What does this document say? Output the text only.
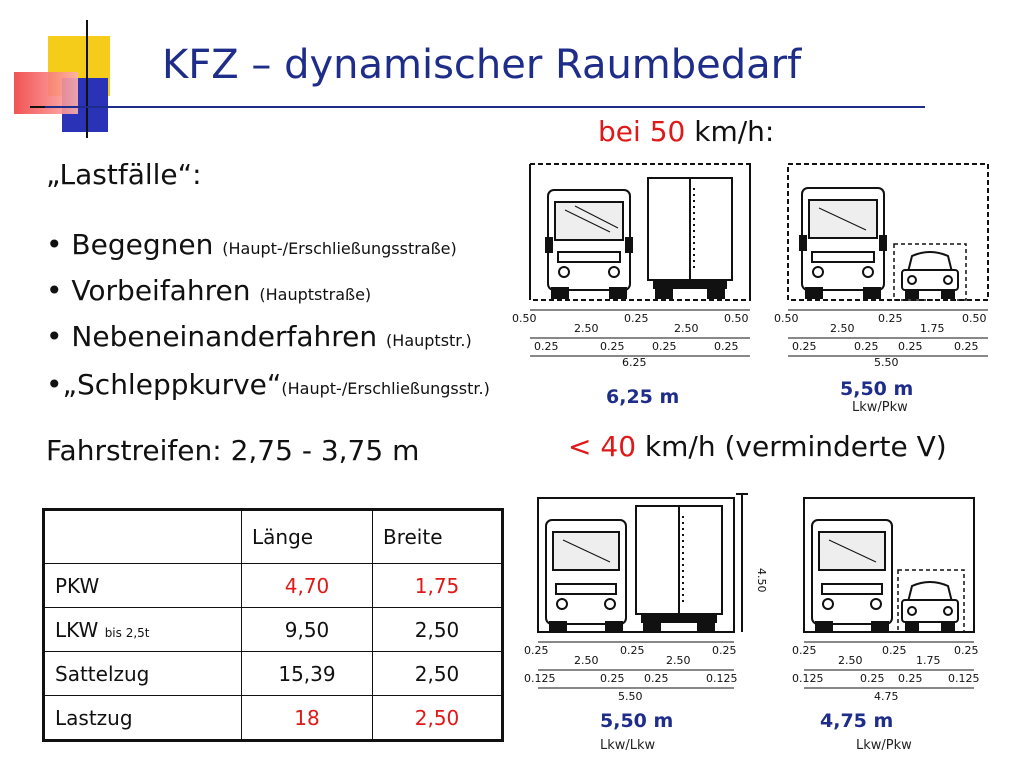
KFZ – dynamischer Raumbedarf
bei 50 km/h:
„Lastfälle“:
• Begegnen (Haupt-/Erschließungsstraße)
• Vorbeifahren (Hauptstraße)
• Nebeneinanderfahren (Hauptstr.)
•„Schleppkurve“(Haupt-/Erschließungsstr.)
Fahrstreifen: 2,75 - 3,75 m	< 40 km/h (verminderte V)
	Länge	Breite
PKW	4,70	1,75
LKW bis 2,5t	9,50	2,50
Sattelzug	15,39	2,50
Lastzug	18	2,50
0.50
2.50
0.25
2.50
0.50
0.25	0.25	0.25	0.25
6.25
6,25 m
0.50
2.50
0.25
1.75
0.50
0.25	0.25 0.25	0.25
5.50
5,50 m
Lkw/Pkw
4.50
0.25
2.50
0.25
2.50
0.25
0.125	0.25 0.25	0.125
5.50
5,50 m
Lkw/Lkw
0.25
2.50
0.25
1.75
0.25
0.125	0.25 0.25 0.125
4.75
4,75 m
Lkw/Pkw
